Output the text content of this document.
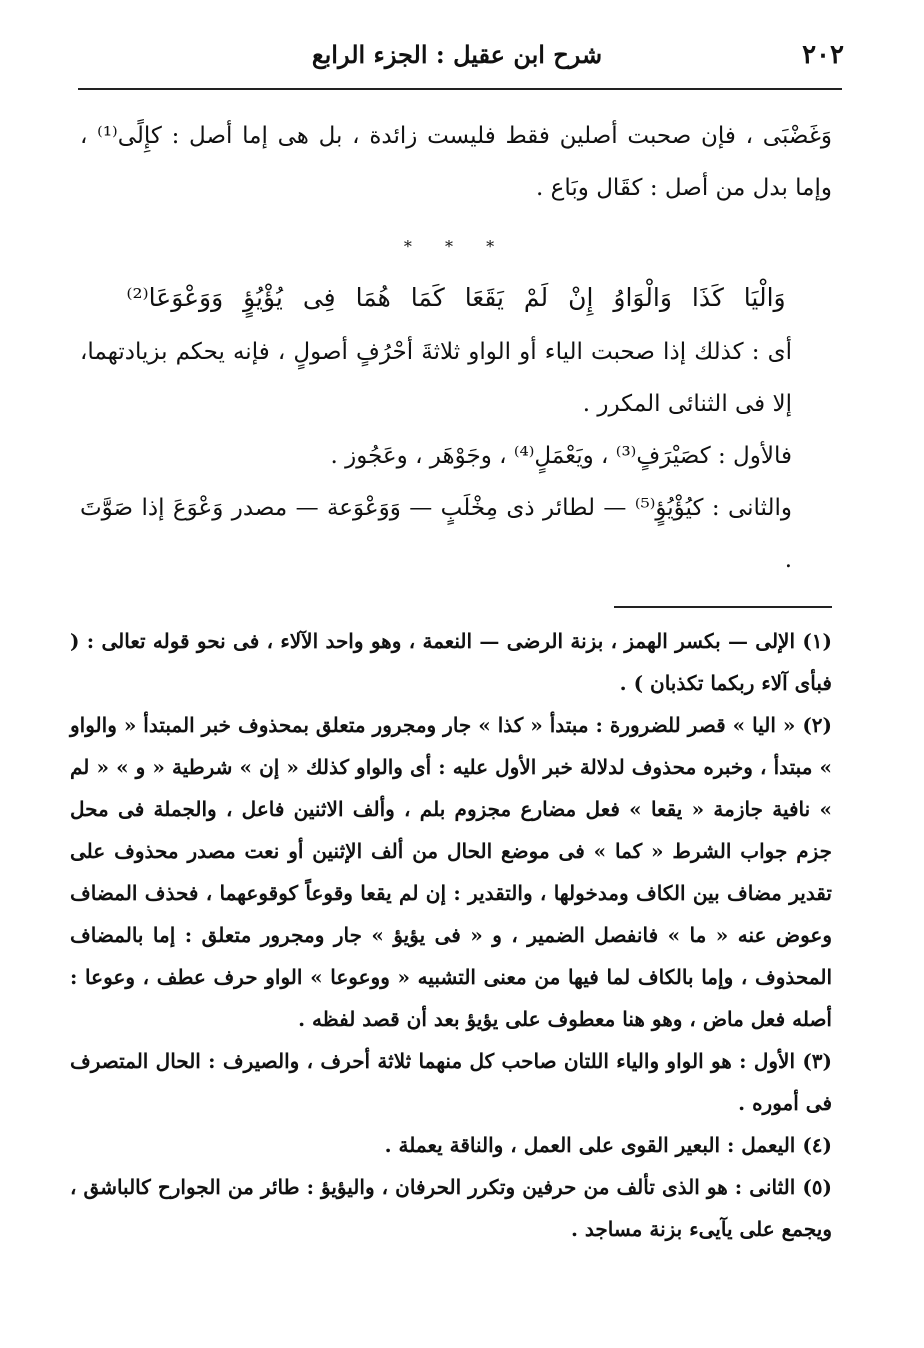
٢٠٢
شرح ابن عقيل : الجزء الرابع

وَغَضْبَى ، فإن صحبت أصلين فقط فليست زائدة ، بل هى إما أصل : كإِلًى⁽¹⁾ ، وإما بدل من أصل : كقَال وبَاع .

* * *

وَالْيَا كَذَا وَالْوَاوُ إِنْ لَمْ يَقَعَا كَمَا هُمَا فِى يُؤْيُؤٍ وَوَعْوَعَا⁽²⁾

أى : كذلك إذا صحبت الياء أو الواو ثلاثةَ أحْرُفٍ أصولٍ ، فإنه يحكم بزيادتهما، إلا فى الثنائى المكرر .

فالأول : كصَيْرَفٍ⁽³⁾ ، ويَعْمَلٍ⁽⁴⁾ ، وجَوْهَر ، وعَجُوز .

والثانى : كيُؤْيُؤٍ⁽⁵⁾ — لطائر ذى مِخْلَبٍ — وَوَعْوَعة — مصدر وَعْوَعَ إذا صَوَّتَ .

(١) الإلى — بكسر الهمز ، بزنة الرضى — النعمة ، وهو واحد الآلاء ، فى نحو قوله تعالى : ( فبأى آلاء ربكما تكذبان ) .

(٢) « اليا » قصر للضرورة : مبتدأ « كذا » جار ومجرور متعلق بمحذوف خبر المبتدأ « والواو » مبتدأ ، وخبره محذوف لدلالة خبر الأول عليه : أى والواو كذلك « إن » شرطية « و » « لم » نافية جازمة « يقعا » فعل مضارع مجزوم بلم ، وألف الاثنين فاعل ، والجملة فى محل جزم جواب الشرط « كما » فى موضع الحال من ألف الإثنين أو نعت مصدر محذوف على تقدير مضاف بين الكاف ومدخولها ، والتقدير : إن لم يقعا وقوعاً كوقوعهما ، فحذف المضاف وعوض عنه « ما » فانفصل الضمير ، و « فى يؤيؤ » جار ومجرور متعلق : إما بالمضاف المحذوف ، وإما بالكاف لما فيها من معنى التشبيه « ووعوعا » الواو حرف عطف ، وعوعا : أصله فعل ماض ، وهو هنا معطوف على يؤيؤ بعد أن قصد لفظه .

(٣) الأول : هو الواو والياء اللتان صاحب كل منهما ثلاثة أحرف ، والصيرف : الحال المتصرف فى أموره .

(٤) اليعمل : البعير القوى على العمل ، والناقة يعملة .

(٥) الثانى : هو الذى تألف من حرفين وتكرر الحرفان ، واليؤيؤ : طائر من الجوارح كالباشق ، ويجمع على يآيىء بزنة مساجد .
